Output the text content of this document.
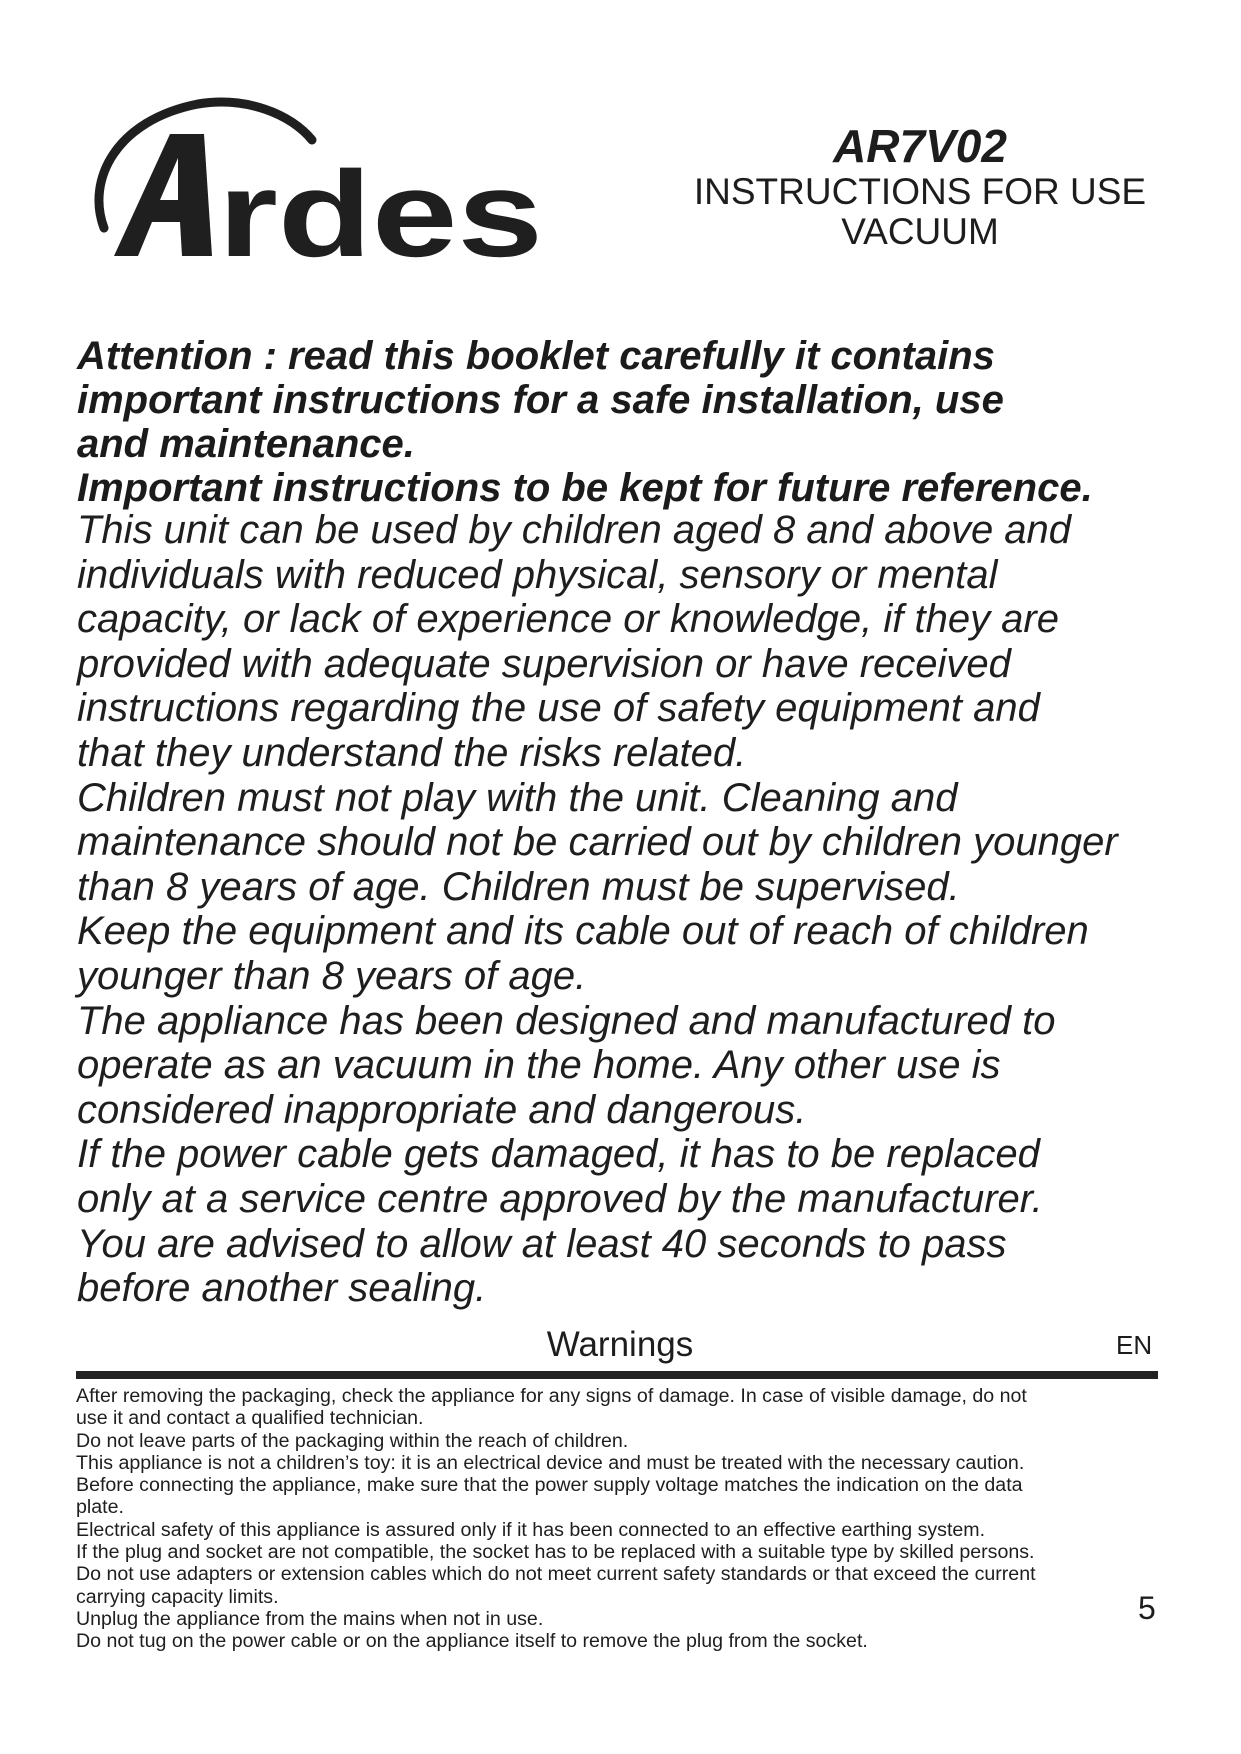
rdes	AR7V02
INSTRUCTIONS FOR USE
VACUUM
Attention : read this booklet carefully it contains
important instructions for a safe installation, use
and maintenance.
Important instructions to be kept for future reference.
This unit can be used by children aged 8 and above and
individuals with reduced physical, sensory or mental
capacity, or lack of experience or knowledge, if they are
provided with adequate supervision or have received
instructions regarding the use of safety equipment and
that they understand the risks related.
Children must not play with the unit. Cleaning and
maintenance should not be carried out by children younger
than 8 years of age. Children must be supervised.
Keep the equipment and its cable out of reach of children
younger than 8 years of age.
The appliance has been designed and manufactured to
operate as an vacuum in the home. Any other use is
considered inappropriate and dangerous.
If the power cable gets damaged, it has to be replaced
only at a service centre approved by the manufacturer.
You are advised to allow at least 40 seconds to pass
before another sealing.
Warnings	EN
After removing the packaging, check the appliance for any signs of damage. In case of visible damage, do not
use it and contact a qualified technician.
Do not leave parts of the packaging within the reach of children.
This appliance is not a children’s toy: it is an electrical device and must be treated with the necessary caution.
Before connecting the appliance, make sure that the power supply voltage matches the indication on the data
plate.
Electrical safety of this appliance is assured only if it has been connected to an effective earthing system.
If the plug and socket are not compatible, the socket has to be replaced with a suitable type by skilled persons.
Do not use adapters or extension cables which do not meet current safety standards or that exceed the current
carrying capacity limits.
Unplug the appliance from the mains when not in use.
Do not tug on the power cable or on the appliance itself to remove the plug from the socket.
5
